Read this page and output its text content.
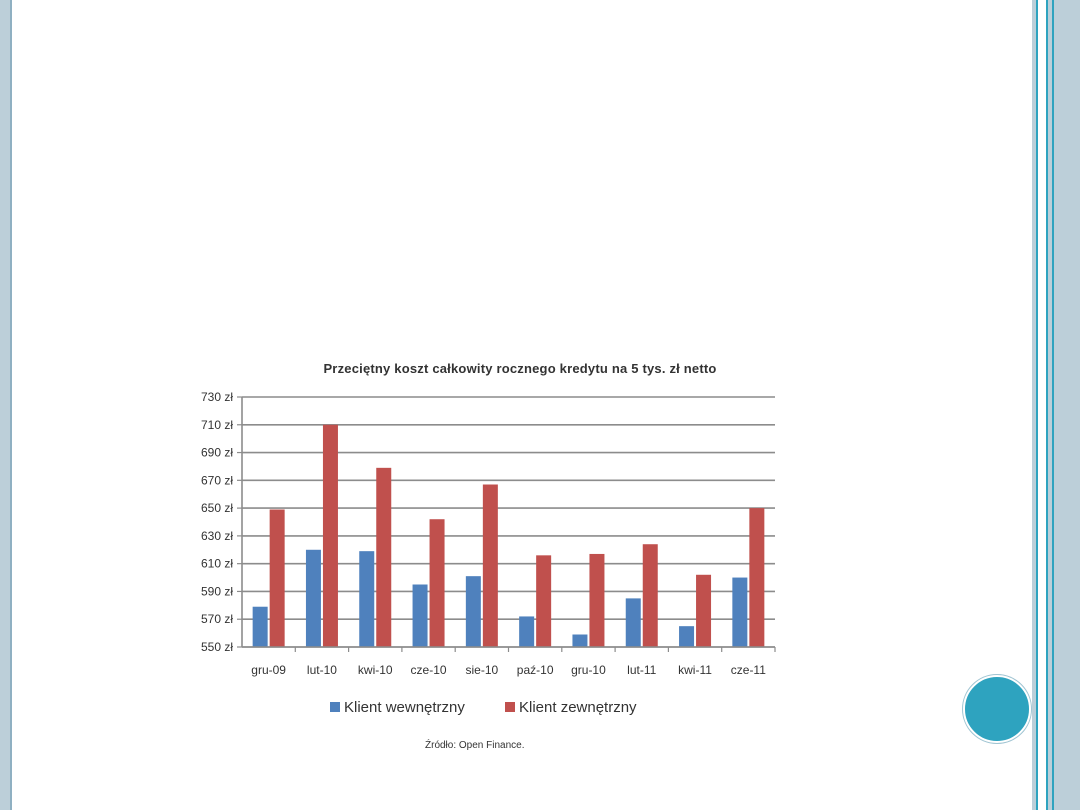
Przeciętny koszt całkowity rocznego kredytu na 5 tys. zł netto
730 zł
710 zł
690 zł
670 zł
650 zł
630 zł
610 zł
590 zł
570 zł
550 zł
gru-09 lut-10 kwi-10 cze-10 sie-10 paź-10 gru-10 lut-11 kwi-11 cze-11
Klient wewnętrzny	Klient zewnętrzny
Źródło: Open Finance.
